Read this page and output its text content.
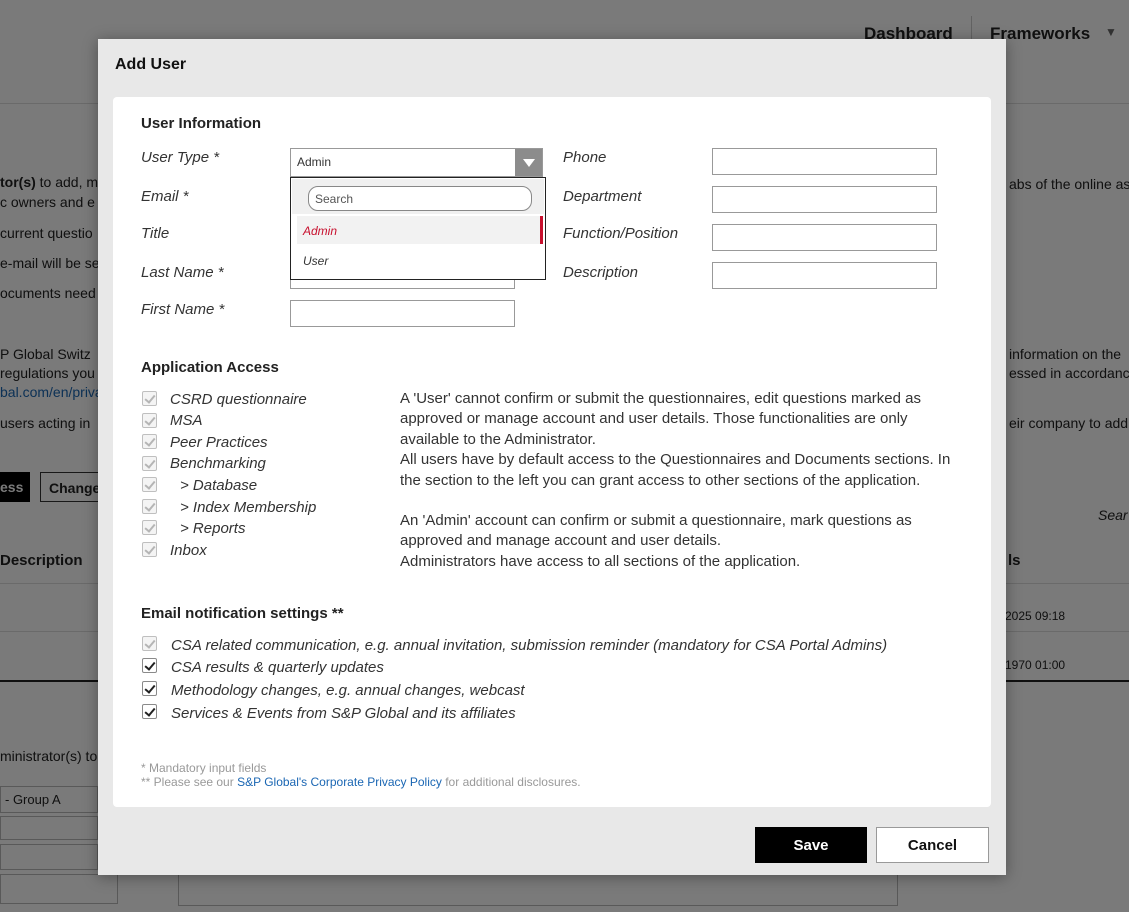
Add User
User Information
User Type *
Email *
Title
Last Name *
First Name *
Phone
Department
Function/Position
Description
Admin
Search
Admin
User
Application Access
CSRD questionnaire
MSA
Peer Practices
Benchmarking
> Database
> Index Membership
> Reports
Inbox

A 'User' cannot confirm or submit the questionnaires, edit questions marked as approved or manage account and user details. Those functionalities are only available to the Administrator.

All users have by default access to the Questionnaires and Documents sections. In the section to the left you can grant access to other sections of the application.

An 'Admin' account can confirm or submit a questionnaire, mark questions as approved and manage account and user details.

Administrators have access to all sections of the application.

Email notification settings **
CSA related communication, e.g. annual invitation, submission reminder (mandatory for CSA Portal Admins)
CSA results & quarterly updates
Methodology changes, e.g. annual changes, webcast
Services & Events from S&P Global and its affiliates
* Mandatory input fields
** Please see our S&P Global's Corporate Privacy Policy for additional disclosures.
Save	Cancel
